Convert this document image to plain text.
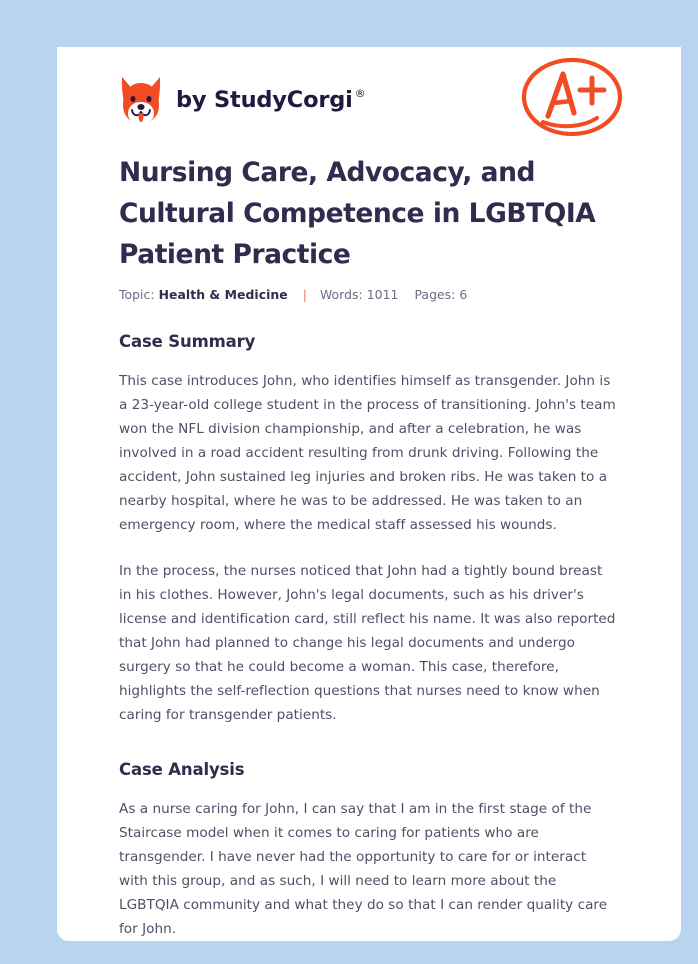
by StudyCorgi ®
Nursing Care, Advocacy, and Cultural Competence in LGBTQIA Patient Practice
Topic: Health & Medicine | Words: 1011 Pages: 6
Case Summary

This case introduces John, who identifies himself as transgender. John is a 23-year-old college student in the process of transitioning. John's team won the NFL division championship, and after a celebration, he was involved in a road accident resulting from drunk driving. Following the accident, John sustained leg injuries and broken ribs. He was taken to a nearby hospital, where he was to be addressed. He was taken to an emergency room, where the medical staff assessed his wounds.

In the process, the nurses noticed that John had a tightly bound breast in his clothes. However, John's legal documents, such as his driver's license and identification card, still reflect his name. It was also reported that John had planned to change his legal documents and undergo surgery so that he could become a woman. This case, therefore, highlights the self-reflection questions that nurses need to know when caring for transgender patients.

Case Analysis

As a nurse caring for John, I can say that I am in the first stage of the Staircase model when it comes to caring for patients who are transgender. I have never had the opportunity to care for or interact with this group, and as such, I will need to learn more about the LGBTQIA community and what they do so that I can render quality care for John.
